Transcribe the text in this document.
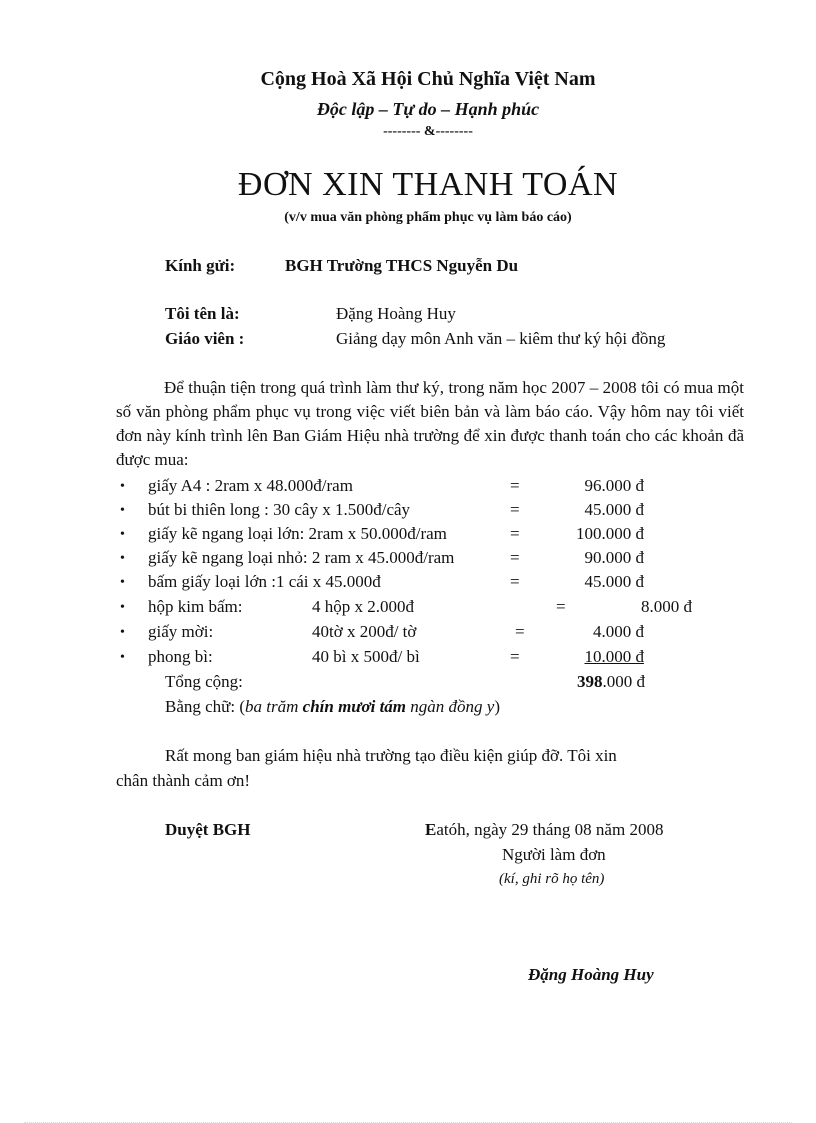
Cộng Hoà Xã Hội Chủ Nghĩa Việt Nam
Độc lập – Tự do – Hạnh phúc
-------- &--------
ĐƠN XIN THANH TOÁN
(v/v mua văn phòng phẩm phục vụ làm báo cáo)
Kính gửi:	BGH Trường THCS Nguyễn Du
Tôi tên là:	Đặng Hoàng Huy
Giáo viên :	Giảng dạy môn Anh văn – kiêm thư ký hội đồng
Để thuận tiện trong quá trình làm thư ký, trong năm học 2007 – 2008 tôi có mua một số văn phòng phẩm phục vụ trong việc viết biên bản và làm báo cáo. Vậy hôm nay tôi viết đơn này kính trình lên Ban Giám Hiệu nhà trường để xin được thanh toán cho các khoản đã được mua:
• giấy A4 : 2ram x 48.000đ/ram	=	96.000 đ
• bút bi thiên long : 30 cây x 1.500đ/cây	=	45.000 đ
• giấy kẽ ngang loại lớn: 2ram x 50.000đ/ram	=	100.000 đ
• giấy kẽ ngang loại nhỏ: 2 ram x 45.000đ/ram	=	90.000 đ
• bấm giấy loại lớn :1 cái x 45.000đ	=	45.000 đ
• hộp kim bấm:	4 hộp x 2.000đ	=	8.000 đ
• giấy mời:	40tờ x 200đ/ tờ	=	4.000 đ
• phong bì:	40 bì x 500đ/ bì	=	10.000 đ
Tổng cộng:	398.000 đ
Bằng chữ: (ba trăm chín mươi tám ngàn đồng y)
Rất mong ban giám hiệu nhà trường tạo điều kiện giúp đỡ. Tôi xin
chân thành cảm ơn!
Duyệt BGH	Eatóh, ngày 29 tháng 08 năm 2008
Người làm đơn
(kí, ghi rõ họ tên)
Đặng Hoàng Huy
